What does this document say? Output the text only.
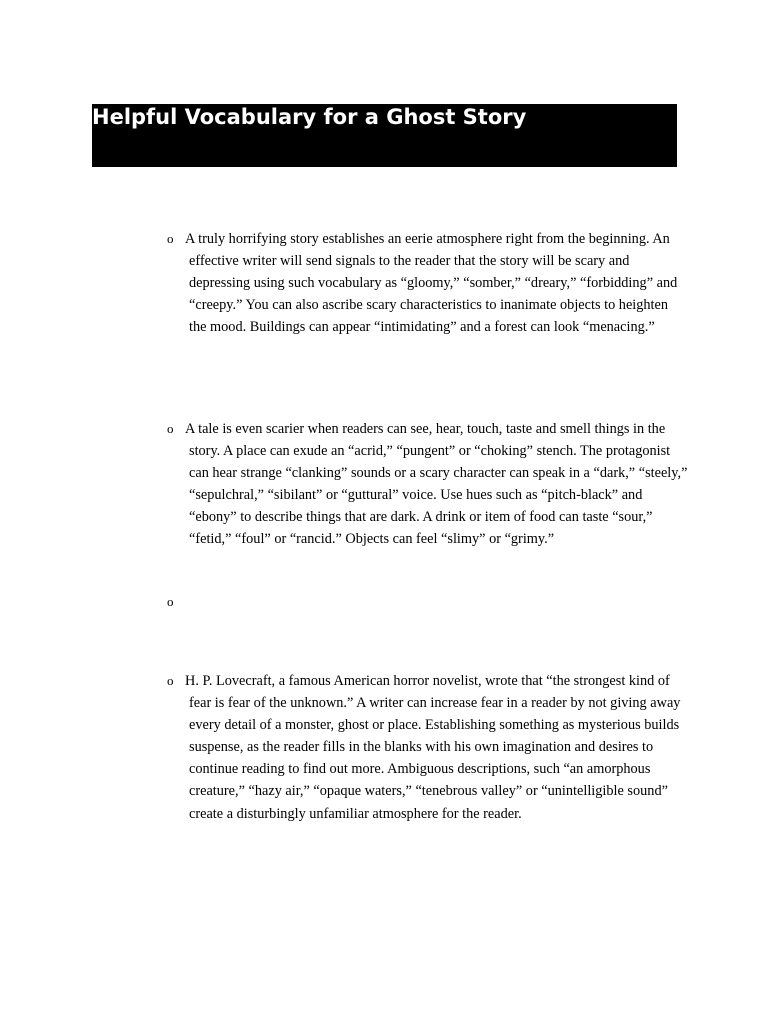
Helpful Vocabulary for a Ghost Story
o A truly horrifying story establishes an eerie atmosphere right from the beginning. An effective writer will send signals to the reader that the story will be scary and depressing using such vocabulary as “gloomy,” “somber,” “dreary,” “forbidding” and “creepy.” You can also ascribe scary characteristics to inanimate objects to heighten the mood. Buildings can appear “intimidating” and a forest can look “menacing.”

o A tale is even scarier when readers can see, hear, touch, taste and smell things in the story. A place can exude an “acrid,” “pungent” or “choking” stench. The protagonist can hear strange “clanking” sounds or a scary character can speak in a “dark,” “steely,” “sepulchral,” “sibilant” or “guttural” voice. Use hues such as “pitch-black” and “ebony” to describe things that are dark. A drink or item of food can taste “sour,” “fetid,” “foul” or “rancid.” Objects can feel “slimy” or “grimy.”

o

o H. P. Lovecraft, a famous American horror novelist, wrote that “the strongest kind of fear is fear of the unknown.” A writer can increase fear in a reader by not giving away every detail of a monster, ghost or place. Establishing something as mysterious builds suspense, as the reader fills in the blanks with his own imagination and desires to continue reading to find out more. Ambiguous descriptions, such “an amorphous creature,” “hazy air,” “opaque waters,” “tenebrous valley” or “unintelligible sound” create a disturbingly unfamiliar atmosphere for the reader.
